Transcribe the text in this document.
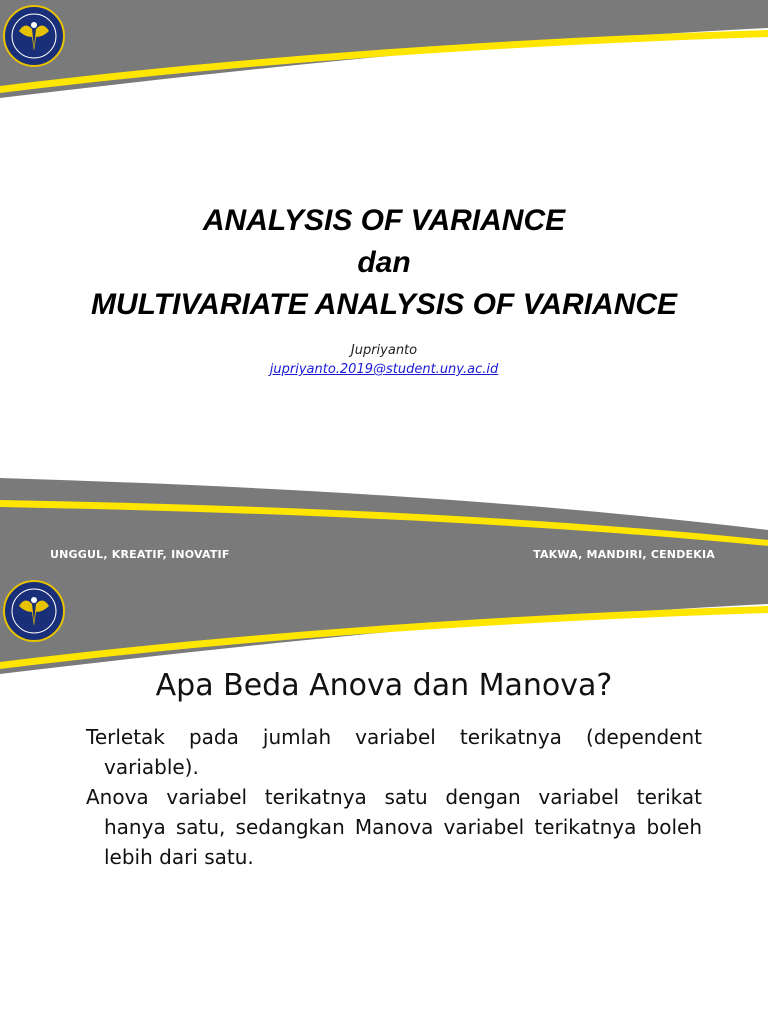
ANALYSIS OF VARIANCE

dan

MULTIVARIATE ANALYSIS OF VARIANCE

Jupriyanto
jupriyanto.2019@student.uny.ac.id
UNGGUL, KREATIF, INOVATIF	TAKWA, MANDIRI, CENDEKIA
Apa Beda Anova dan Manova?

Terletak pada jumlah variabel terikatnya (dependent variable).

Anova variabel terikatnya satu dengan variabel terikat hanya satu, sedangkan Manova variabel terikatnya boleh lebih dari satu.
